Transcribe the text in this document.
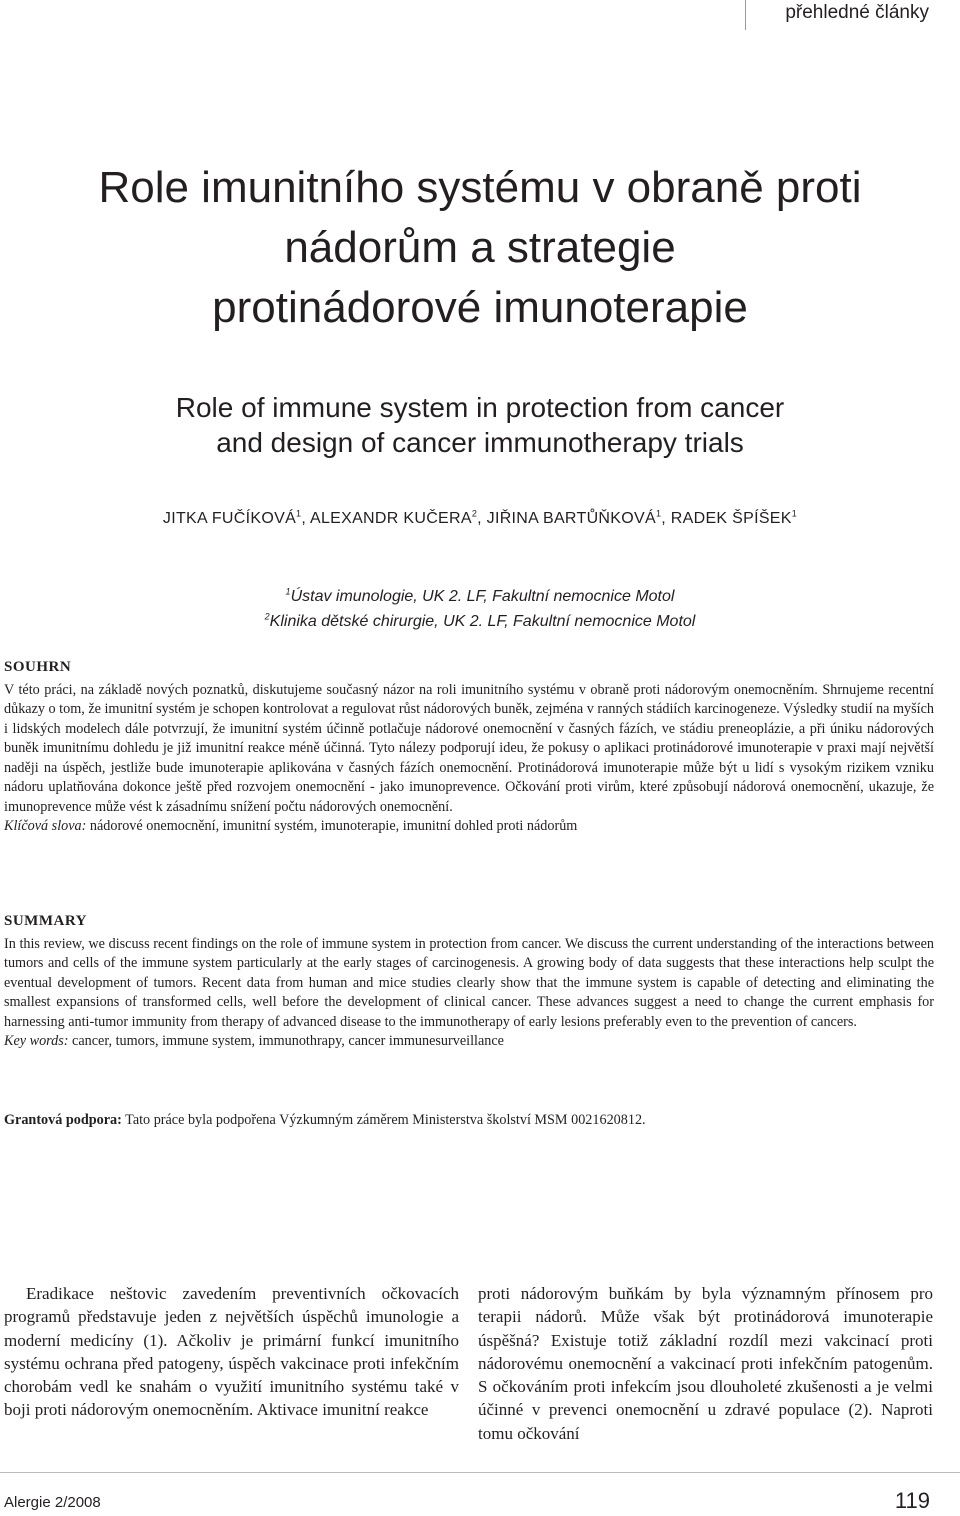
přehledné články
Role imunitního systému v obraně proti
nádorům a strategie
protinádorové imunoterapie
Role of immune system in protection from cancer
and design of cancer immunotherapy trials
JITKA FUČÍKOVÁ$^1$, ALEXANDR KUČERA$^2$, JIŘINA BARTŮŇKOVÁ$^1$, RADEK ŠPÍŠEK$^1$
$^1$Ústav imunologie, UK 2. LF, Fakultní nemocnice Motol
$^2$Klinika dětské chirurgie, UK 2. LF, Fakultní nemocnice Motol
SOUHRN

V této práci, na základě nových poznatků, diskutujeme současný názor na roli imunitního systému v obraně proti nádorovým onemocněním. Shrnujeme recentní důkazy o tom, že imunitní systém je schopen kontrolovat a regulovat růst nádorových buněk, zejména v ranných stádiích karcinogeneze. Výsledky studií na myších i lidských modelech dále potvrzují, že imunitní systém účinně potlačuje nádorové onemocnění v časných fázích, ve stádiu preneoplázie, a při úniku nádorových buněk imunitnímu dohledu je již imunitní reakce méně účinná. Tyto nálezy podporují ideu, že pokusy o aplikaci protinádorové imunoterapie v praxi mají největší naději na úspěch, jestliže bude imunoterapie aplikována v časných fázích onemocnění. Protinádorová imunoterapie může být u lidí s vysokým rizikem vzniku nádoru uplatňována dokonce ještě před rozvojem onemocnění - jako imunoprevence. Očkování proti virům, které způsobují nádorová onemocnění, ukazuje, že imunoprevence může vést k zásadnímu snížení počtu nádorových onemocnění.

Klíčová slova: nádorové onemocnění, imunitní systém, imunoterapie, imunitní dohled proti nádorům

SUMMARY

In this review, we discuss recent findings on the role of immune system in protection from cancer. We discuss the current understanding of the interactions between tumors and cells of the immune system particularly at the early stages of carcinogenesis. A growing body of data suggests that these interactions help sculpt the eventual development of tumors. Recent data from human and mice studies clearly show that the immune system is capable of detecting and eliminating the smallest expansions of transformed cells, well before the development of clinical cancer. These advances suggest a need to change the current emphasis for harnessing anti-tumor immunity from therapy of advanced disease to the immunotherapy of early lesions preferably even to the prevention of cancers.

Key words: cancer, tumors, immune system, immunothrapy, cancer immunesurveillance

Grantová podpora: Tato práce byla podpořena Výzkumným záměrem Ministerstva školství MSM 0021620812.
Eradikace neštovic zavedením preventivních očkovacích programů představuje jeden z největších úspěchů imunologie a moderní medicíny (1). Ačkoliv je primární funkcí imunitního systému ochrana před patogeny, úspěch vakcinace proti infekčním chorobám vedl ke snahám o využití imunitního systému také v boji proti nádorovým onemocněním. Aktivace imunitní reakce
proti nádorovým buňkám by byla významným přínosem pro terapii nádorů. Může však být protinádorová imunoterapie úspěšná? Existuje totiž základní rozdíl mezi vakcinací proti nádorovému onemocnění a vakcinací proti infekčním patogenům. S očkováním proti infekcím jsou dlouholeté zkušenosti a je velmi účinné v prevenci onemocnění u zdravé populace (2). Naproti tomu očkování
Alergie 2/2008	119
